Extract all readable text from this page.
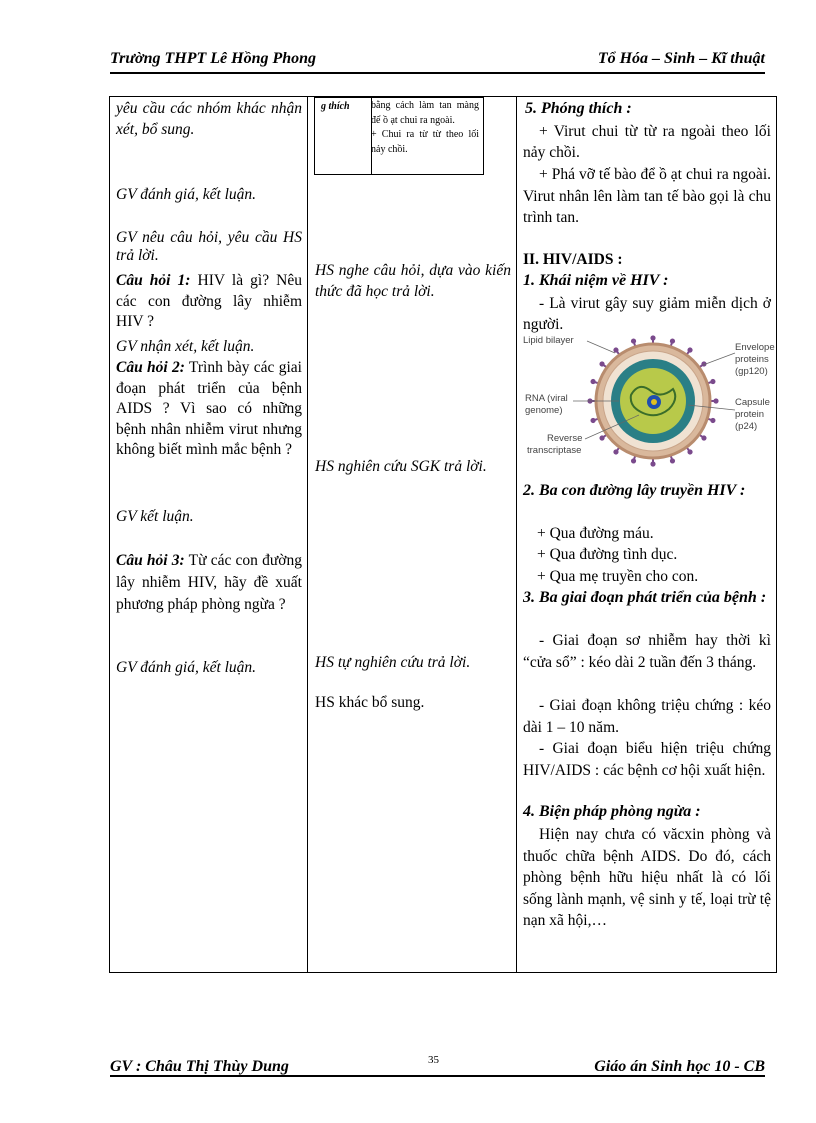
Trường THPT Lê Hồng Phong	Tổ Hóa – Sinh – Kĩ thuật
yêu cầu các nhóm khác nhận xét, bổ sung.
GV đánh giá, kết luận.
GV nêu câu hỏi, yêu cầu HS trả lời.
Câu hỏi 1: HIV là gì? Nêu các con đường lây nhiễm HIV ?
GV nhận xét, kết luận.
Câu hỏi 2: Trình bày các giai đoạn phát triển của bệnh AIDS ? Vì sao có những bệnh nhân nhiễm virut nhưng không biết mình mắc bệnh ?
GV kết luận.
Câu hỏi 3: Từ các con đường lây nhiễm HIV, hãy đề xuất phương pháp phòng ngừa ?
GV đánh giá, kết luận.
HS nghe câu hỏi, dựa vào kiến thức đã học trả lời.
HS nghiên cứu SGK trả lời.
HS tự nghiên cứu trả lời.
HS khác bổ sung.
5. Phóng thích :
+ Virut chui từ từ ra ngoài theo lối nảy chồi.
+ Phá vỡ tế bào để ồ ạt chui ra ngoài. Virut nhân lên làm tan tế bào gọi là chu trình tan.
II. HIV/AIDS :
1. Khái niệm về HIV :
- Là virut gây suy giảm miễn dịch ở người.
2. Ba con đường lây truyền HIV :
+ Qua đường máu.
+ Qua đường tình dục.
+ Qua mẹ truyền cho con.
3. Ba giai đoạn phát triển của bệnh :
- Giai đoạn sơ nhiễm hay thời kì “cửa sổ” : kéo dài 2 tuần đến 3 tháng.
- Giai đoạn không triệu chứng : kéo dài 1 – 10 năm.
- Giai đoạn biểu hiện triệu chứng HIV/AIDS : các bệnh cơ hội xuất hiện.
4. Biện pháp phòng ngừa :
Hiện nay chưa có văcxin phòng và thuốc chữa bệnh AIDS. Do đó, cách phòng bệnh hữu hiệu nhất là có lối sống lành mạnh, vệ sinh y tế, loại trừ tệ nạn xã hội,…
g thích	bằng cách làm tan màng để ồ ạt chui ra ngoài.
+ Chui ra từ từ theo lối nảy chồi.
Lipid bilayer
Envelope
proteins
(gp120)
RNA (viral
genome)
Capsule
protein
(p24)
Reverse
transcriptase
GV : Châu Thị Thùy Dung	35	Giáo án Sinh học 10 - CB
